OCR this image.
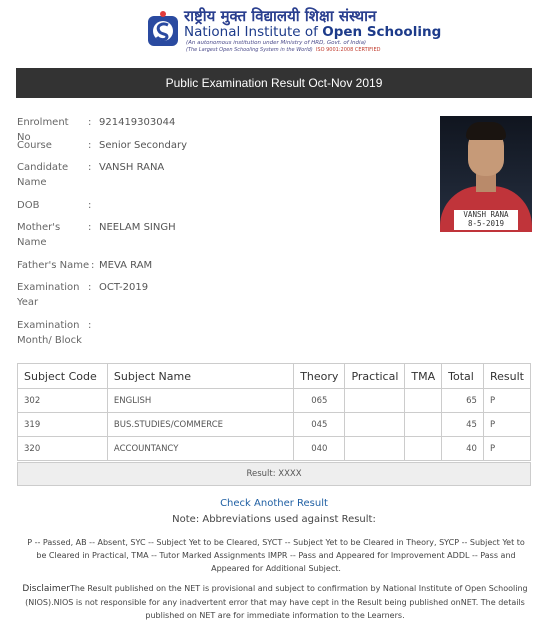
राष्ट्रीय मुक्त विद्यालयी शिक्षा संस्थान
National Institute of Open Schooling
(An autonomous institution under Ministry of HRD, Govt. of India)
(The Largest Open Schooling System in the World) ISO 9001:2008 CERTIFIED
Public Examination Result Oct-Nov 2019
Enrolment No
: 921419303044
Course	: Senior Secondary
Candidate Name
: VANSH RANA
DOB	:
Mother's Name
: NEELAM SINGH
Father's Name : MEVA RAM
Examination Year
: OCT-2019
Examination Month/ Block
:
VANSH RANA
8-5-2019
Subject Code	Subject Name	Theory	Practical	TMA	Total	Result
302	ENGLISH	065			65	P
319	BUS.STUDIES/COMMERCE	045			45	P
320	ACCOUNTANCY	040			40	P
Result: XXXX
Check Another Result
Note: Abbreviations used against Result:
P -- Passed, AB -- Absent, SYC -- Subject Yet to be Cleared, SYCT -- Subject Yet to be Cleared in Theory, SYCP -- Subject Yet to be Cleared in Practical, TMA -- Tutor Marked Assignments IMPR -- Pass and Appeared for Improvement ADDL -- Pass and Appeared for Additional Subject.
DisclaimerThe Result published on the NET is provisional and subject to confirmation by National Institute of Open Schooling (NIOS).NIOS is not responsible for any inadvertent error that may have cept in the Result being published onNET. The details published on NET are for immediate information to the Learners.
